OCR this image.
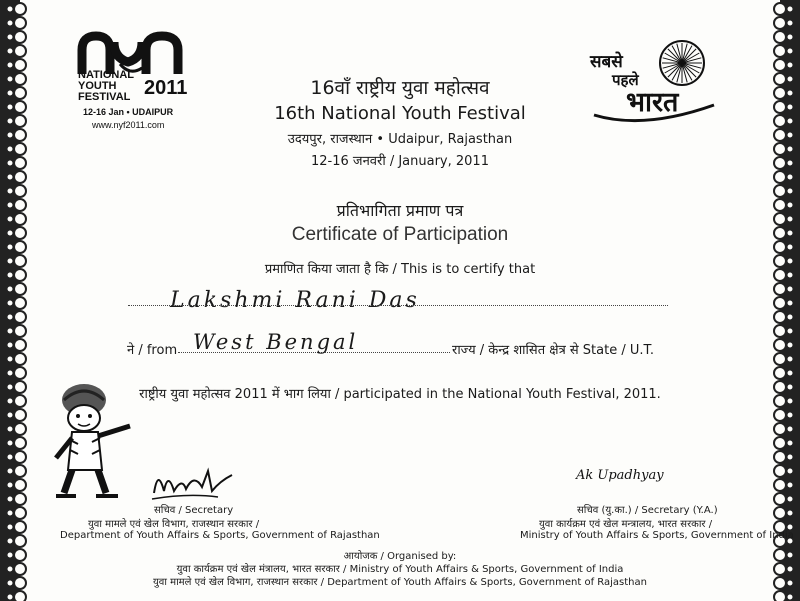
NATIONAL
YOUTH
FESTIVAL 2011
12-16 Jan • UDAIPUR
www.nyf2011.com
सबसे
पहले
भारत
16वाँ राष्ट्रीय युवा महोत्सव
16th National Youth Festival
उदयपुर, राजस्थान • Udaipur, Rajasthan
12-16 जनवरी / January, 2011
प्रतिभागिता प्रमाण पत्र
Certificate of Participation
प्रमाणित किया जाता है कि / This is to certify that
Lakshmi Rani Das
ने / from West Bengal	राज्य / केन्द्र शासित क्षेत्र से State / U.T.
राष्ट्रीय युवा महोत्सव 2011 में भाग लिया / participated in the National Youth Festival, 2011.
Ak Upadhyay
सचिव / Secretary
युवा मामले एवं खेल विभाग, राजस्थान सरकार /
Department of Youth Affairs & Sports, Government of Rajasthan
सचिव (यु.का.) / Secretary (Y.A.)
युवा कार्यक्रम एवं खेल मन्त्रालय, भारत सरकार /
Ministry of Youth Affairs & Sports, Government of India
आयोजक / Organised by:
युवा कार्यक्रम एवं खेल मंत्रालय, भारत सरकार / Ministry of Youth Affairs & Sports, Government of India
युवा मामले एवं खेल विभाग, राजस्थान सरकार / Department of Youth Affairs & Sports, Government of Rajasthan
